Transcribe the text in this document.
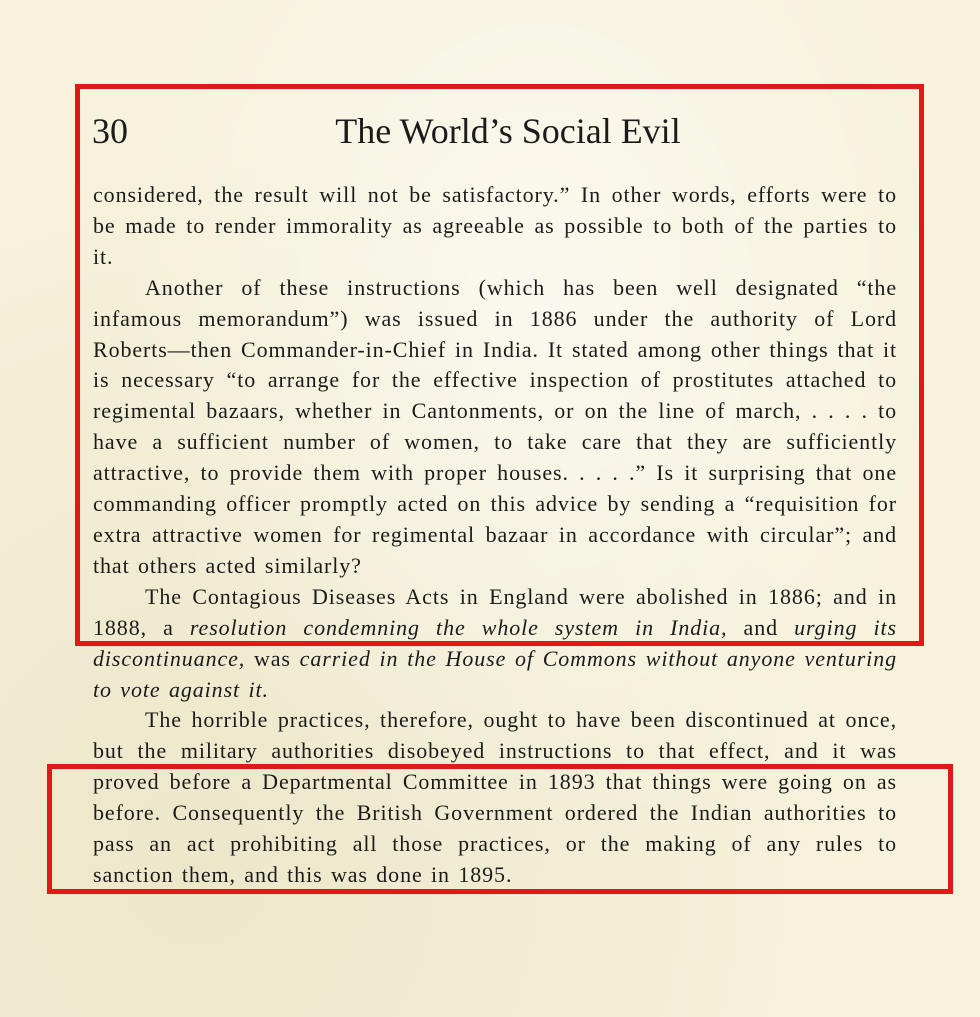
30	The World’s Social Evil

considered, the result will not be satisfactory.” In other words, efforts were to be made to render immorality as agreeable as possible to both of the parties to it.

Another of these instructions (which has been well designated “the infamous memorandum”) was issued in 1886 under the authority of Lord Roberts—then Commander-in-Chief in India. It stated among other things that it is necessary “to arrange for the effective inspection of prostitutes attached to regimental bazaars, whether in Cantonments, or on the line of march, . . . . to have a sufficient number of women, to take care that they are sufficiently attractive, to provide them with proper houses. . . . .” Is it surprising that one commanding officer promptly acted on this advice by sending a “requisition for extra attractive women for regimental bazaar in accordance with circular”; and that others acted similarly?

The Contagious Diseases Acts in England were abolished in 1886; and in 1888, a resolution condemning the whole system in India, and urging its discontinuance, was carried in the House of Commons without anyone venturing to vote against it.

The horrible practices, therefore, ought to have been discontinued at once, but the military authorities disobeyed instructions to that effect, and it was proved before a Departmental Committee in 1893 that things were going on as before. Consequently the British Government ordered the Indian authorities to pass an act prohibiting all those practices, or the making of any rules to sanction them, and this was done in 1895.
